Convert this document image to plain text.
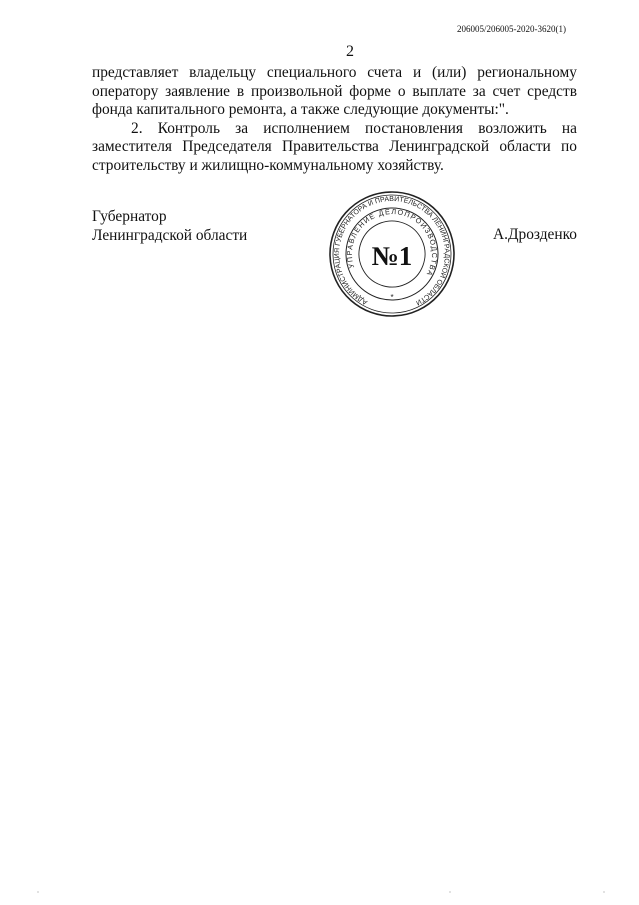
206005/206005-2020-3620(1)
2

представляет владельцу специального счета и (или) региональному оператору заявление в произвольной форме о выплате за счет средств фонда капитального ремонта, а также следующие документы:".

2. Контроль за исполнением постановления возложить на заместителя Председателя Правительства Ленинградской области по строительству и жилищно-коммунальному хозяйству.

Губернатор
Ленинградской области	А.Дрозденко
АДМИНИСТРАЦИЯ ГУБЕРНАТОРА И ПРАВИТЕЛЬСТВА ЛЕНИНГРАДСКОЙ ОБЛАСТИ
УПРАВЛЕНИЕ ДЕЛОПРОИЗВОДСТВА
№1
*
